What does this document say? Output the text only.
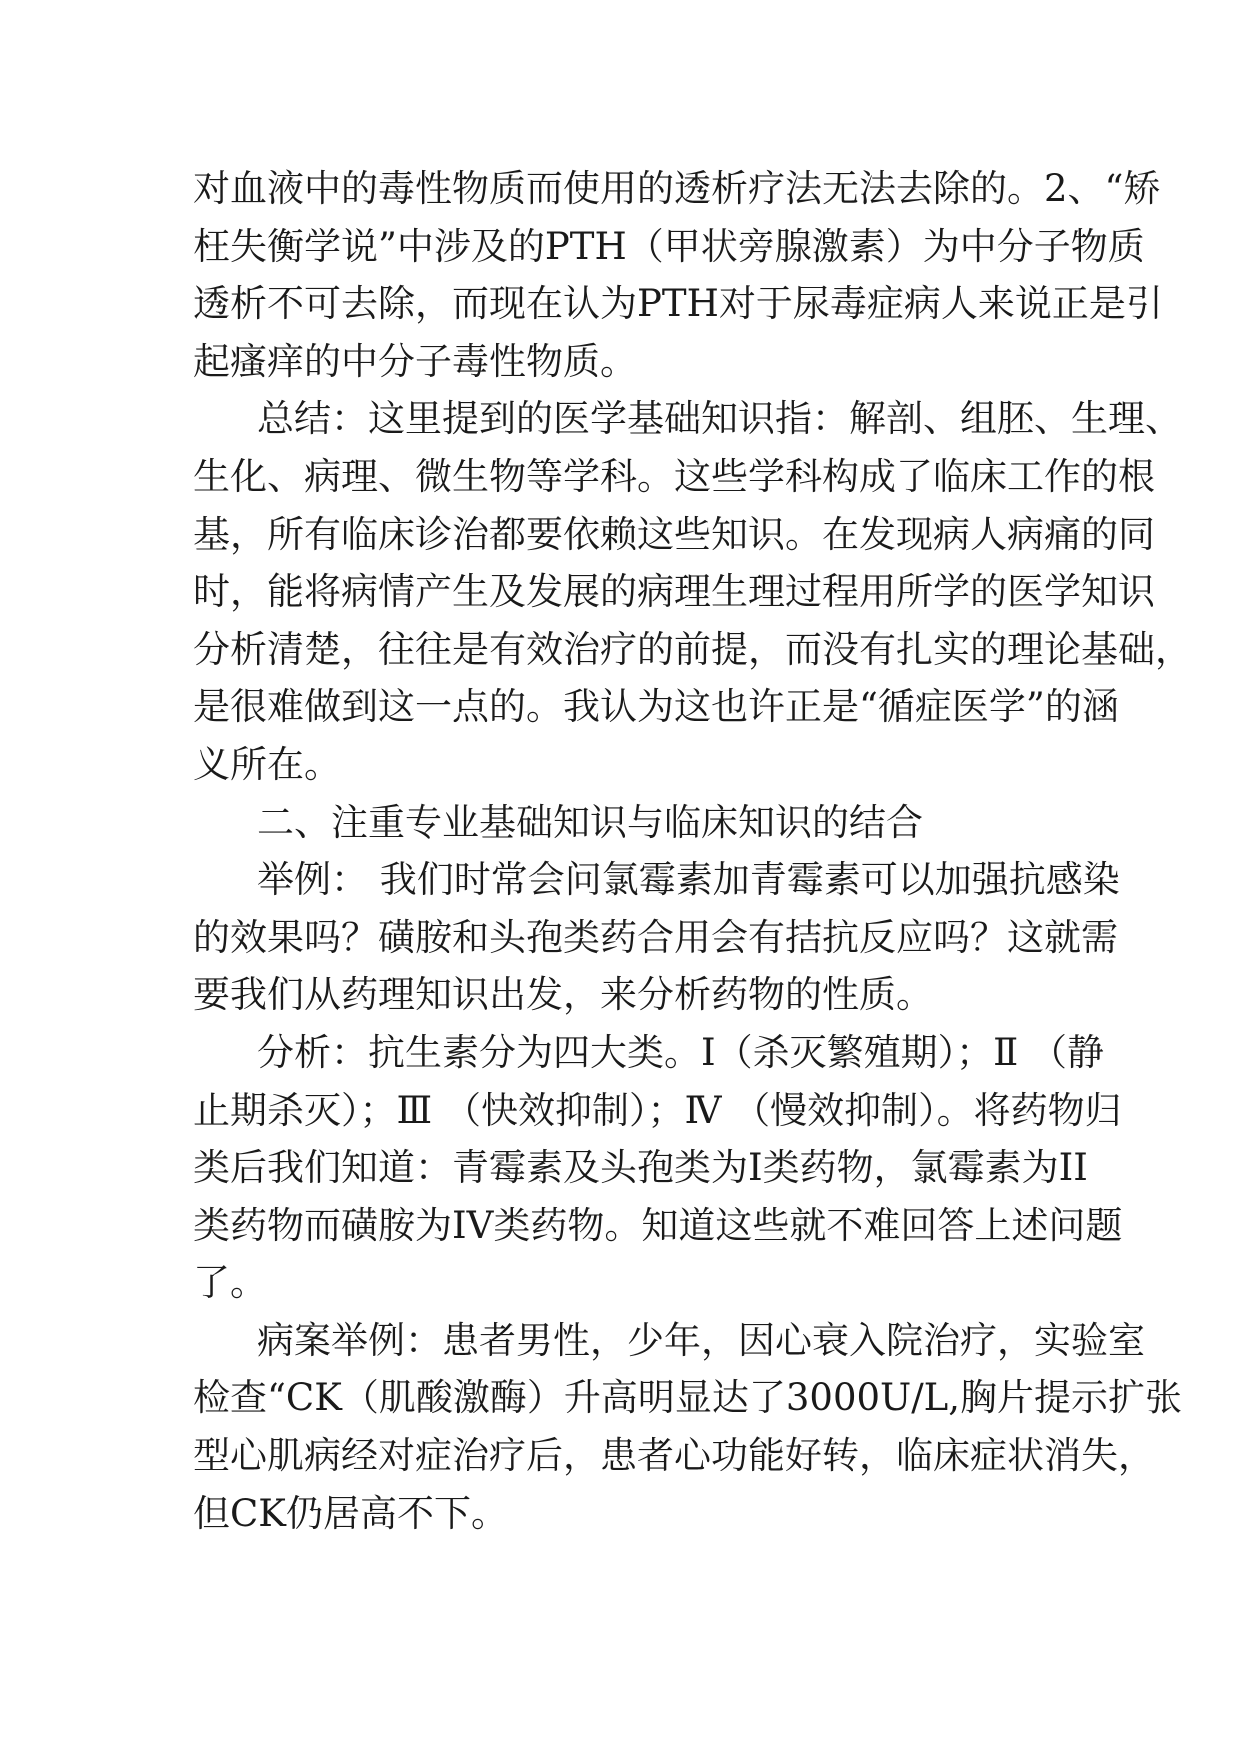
对血液中的毒性物质而使用的透析疗法无法去除的。2、“矫
枉失衡学说”中涉及的PTH（甲状旁腺激素）为中分子物质
透析不可去除，而现在认为PTH对于尿毒症病人来说正是引
起瘙痒的中分子毒性物质。
总结：这里提到的医学基础知识指：解剖、组胚、生理、
生化、病理、微生物等学科。这些学科构成了临床工作的根
基，所有临床诊治都要依赖这些知识。在发现病人病痛的同
时，能将病情产生及发展的病理生理过程用所学的医学知识
分析清楚，往往是有效治疗的前提，而没有扎实的理论基础，
是很难做到这一点的。我认为这也许正是“循症医学”的涵
义所在。
二、注重专业基础知识与临床知识的结合
举例： 我们时常会问氯霉素加青霉素可以加强抗感染
的效果吗？磺胺和头孢类药合用会有拮抗反应吗？这就需
要我们从药理知识出发，来分析药物的性质。
分析：抗生素分为四大类。Ⅰ（杀灭繁殖期）；Ⅱ （静
止期杀灭）；Ⅲ （快效抑制）；Ⅳ （慢效抑制）。将药物归
类后我们知道：青霉素及头孢类为Ⅰ类药物，氯霉素为II
类药物而磺胺为IV类药物。知道这些就不难回答上述问题
了。
病案举例：患者男性，少年，因心衰入院治疗，实验室
检查“CK（肌酸激酶）升高明显达了3000U/L,胸片提示扩张
型心肌病经对症治疗后，患者心功能好转，临床症状消失，
但CK仍居高不下。
